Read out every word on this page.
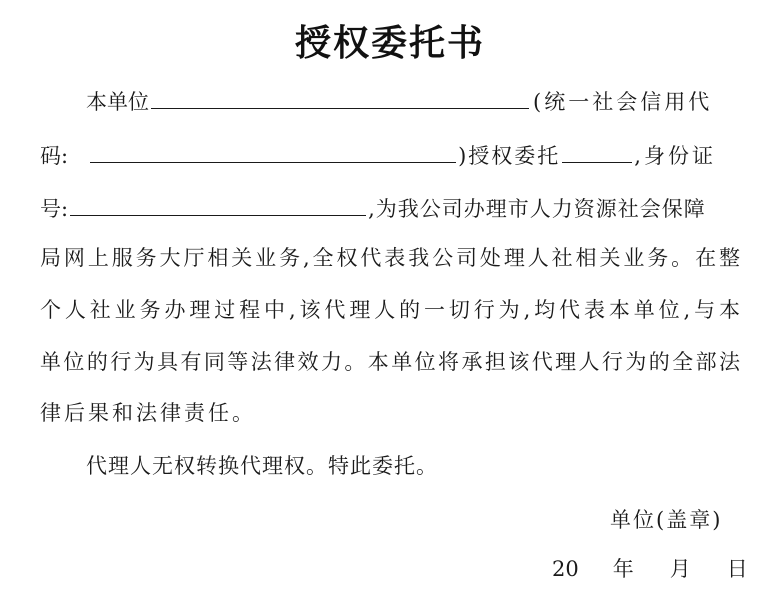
授权委托书
本单位	(统一社会信用代
码:	)授权委托	,身份证
号:	,为我公司办理市人力资源社会保障
局网上服务大厅相关业务,全权代表我公司处理人社相关业务。在整
个人社业务办理过程中,该代理人的一切行为,均代表本单位,与本
单位的行为具有同等法律效力。本单位将承担该代理人行为的全部法
律后果和法律责任。
代理人无权转换代理权。特此委托。
单位(盖章)
20 年 月 日
